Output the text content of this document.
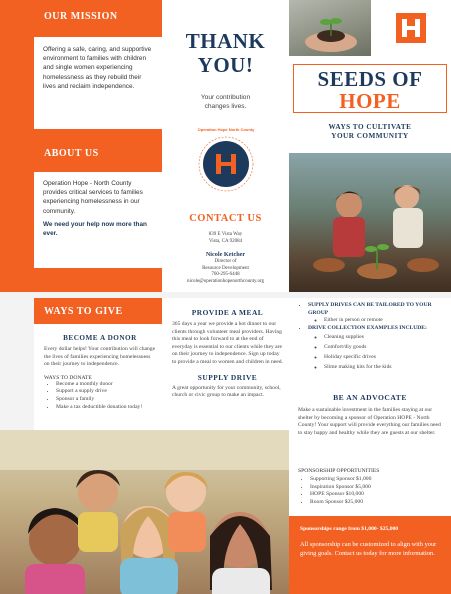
OUR MISSION

Offering a safe, caring, and supportive environment to families with children and single women experiencing homelessness as they rebuild their lives and reclaim independence.

ABOUT US

Operation Hope - North County provides critical services to families experiencing homelessness in our community.

We need your help now more than ever.

WAYS TO GIVE
BECOME A DONOR

Every dollar helps! Your contribution will change the lives of families experiencing homelessness on their journey to independence.

WAYS TO DONATE
• Become a monthly donor
• Support a supply drive
• Sponsor a family
• Make a tax deductible donation today!
THANK
YOU!
Your contribution
changes lives.
Operation Hope North County
CONTACT US
839 E Vista Way
Vista, CA 92084
Nicole Ketcher
Director of
Resource Development
760-295-6448
nicole@operationhopenorthcounty.org
PROVIDE A MEAL

365 days a year we provide a hot dinner to our clients through volunteer meal providers. Having this meal to look forward to at the end of everyday is essential to our clients while they are on their journey to independence. Sign up today to provide a meal to women and children in need.

SUPPLY DRIVE

A great opportunity for your community, school, church or civic group to make an impact.

SEEDS OF
HOPE
WAYS TO CULTIVATE
YOUR COMMUNITY
• SUPPLY DRIVES CAN BE TAILORED TO YOUR GROUP
◦ Either in person or remote
• DRIVE COLLECTION EXAMPLES INCLUDE:
◦ Cleaning supplies
◦ Comfort/diy goods
◦ Holiday specific drives
◦ Slime making kits for the kids
BE AN ADVOCATE
Make a sustainable investment in the families staying at our shelter by becoming a sponsor of Operation HOPE - North County! Your support will provide everything our families need to stay happy and healthy while they are guests at our shelter.
SPONSORSHIP OPPORTUNITIES
• Supporting Sponsor $1,000
• Inspiration Sponsor $5,000
• HOPE Sponsor $10,000
• Room Sponsor $25,000
Sponsorships range from $1,000- $25,000

All sponsorship can be customized to align with your giving goals. Contact us today for more information.
